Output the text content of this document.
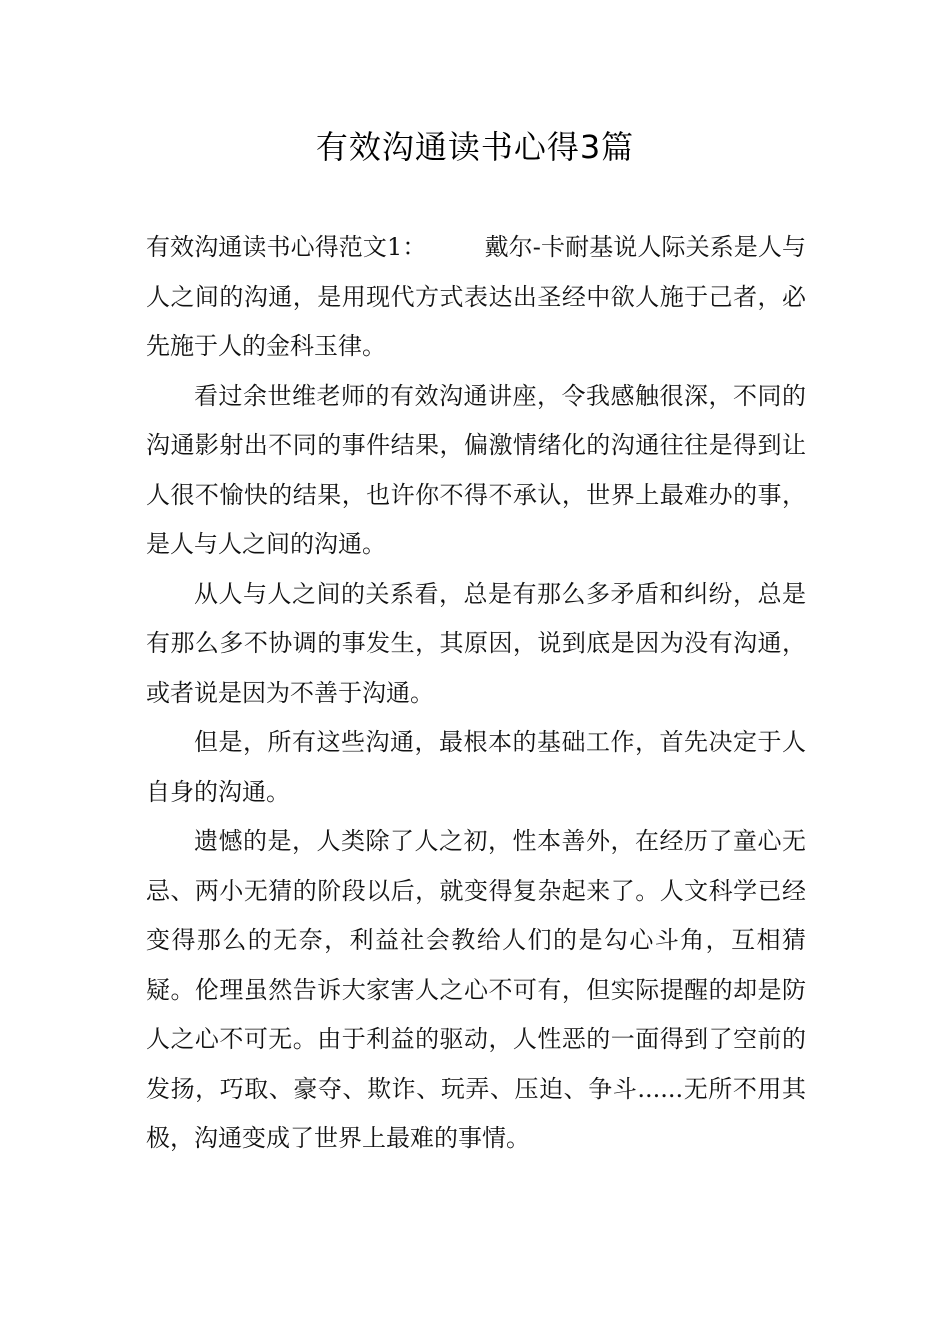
有效沟通读书心得3篇

有效沟通读书心得范文1： 戴尔-卡耐基说人际关系是人与人之间的沟通，是用现代方式表达出圣经中欲人施于己者，必先施于人的金科玉律。

看过余世维老师的有效沟通讲座，令我感触很深，不同的沟通影射出不同的事件结果，偏激情绪化的沟通往往是得到让人很不愉快的结果，也许你不得不承认，世界上最难办的事，是人与人之间的沟通。

从人与人之间的关系看，总是有那么多矛盾和纠纷，总是有那么多不协调的事发生，其原因，说到底是因为没有沟通，或者说是因为不善于沟通。

但是，所有这些沟通，最根本的基础工作，首先决定于人自身的沟通。

遗憾的是，人类除了人之初，性本善外，在经历了童心无忌、两小无猜的阶段以后，就变得复杂起来了。人文科学已经变得那么的无奈，利益社会教给人们的是勾心斗角，互相猜疑。伦理虽然告诉大家害人之心不可有，但实际提醒的却是防人之心不可无。由于利益的驱动，人性恶的一面得到了空前的发扬，巧取、豪夺、欺诈、玩弄、压迫、争斗......无所不用其极，沟通变成了世界上最难的事情。
